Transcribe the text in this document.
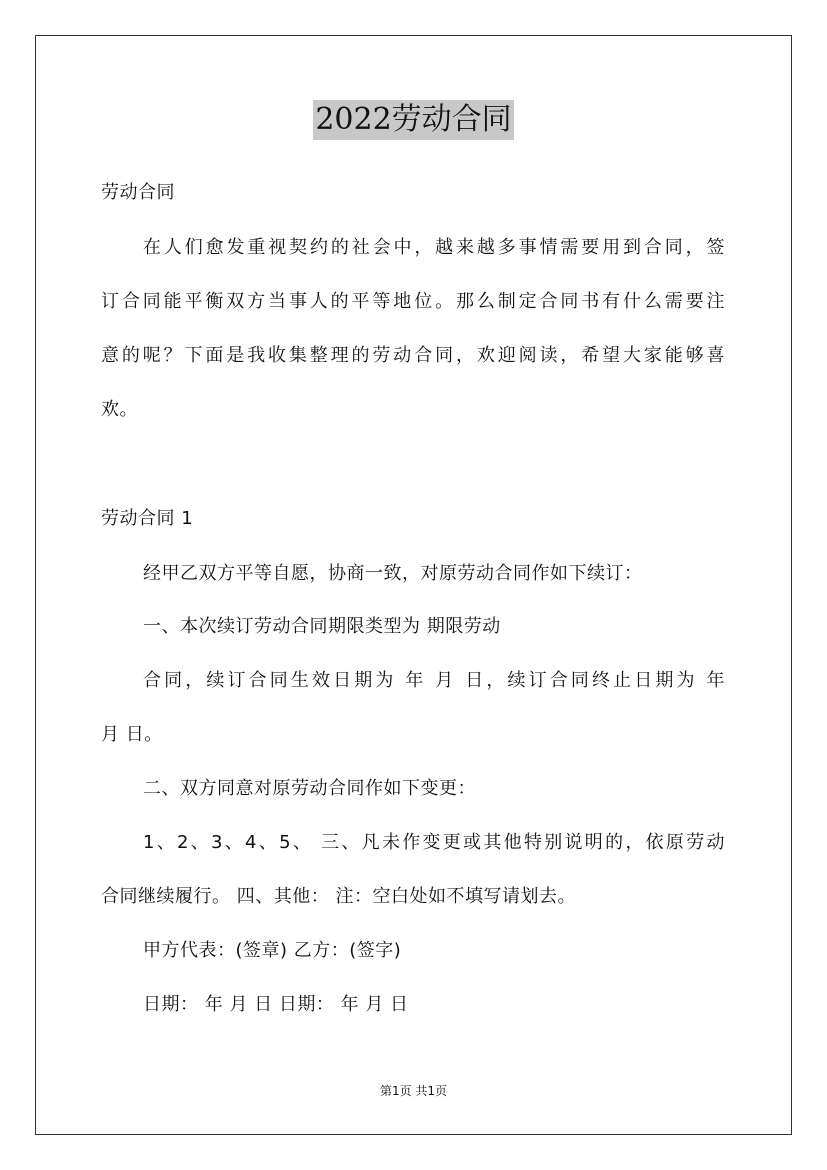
2022劳动合同
劳动合同
在人们愈发重视契约的社会中，越来越多事情需要用到合同，签
订合同能平衡双方当事人的平等地位。那么制定合同书有什么需要注
意的呢？下面是我收集整理的劳动合同，欢迎阅读，希望大家能够喜
欢。
劳动合同 1
经甲乙双方平等自愿，协商一致，对原劳动合同作如下续订：
一、本次续订劳动合同期限类型为 期限劳动
合同，续订合同生效日期为 年 月 日，续订合同终止日期为 年
月 日。
二、双方同意对原劳动合同作如下变更：
1、2、3、4、5、 三、凡未作变更或其他特别说明的，依原劳动
合同继续履行。 四、其他： 注：空白处如不填写请划去。
甲方代表：(签章) 乙方：(签字)
日期： 年 月 日 日期： 年 月 日
第1页 共1页
